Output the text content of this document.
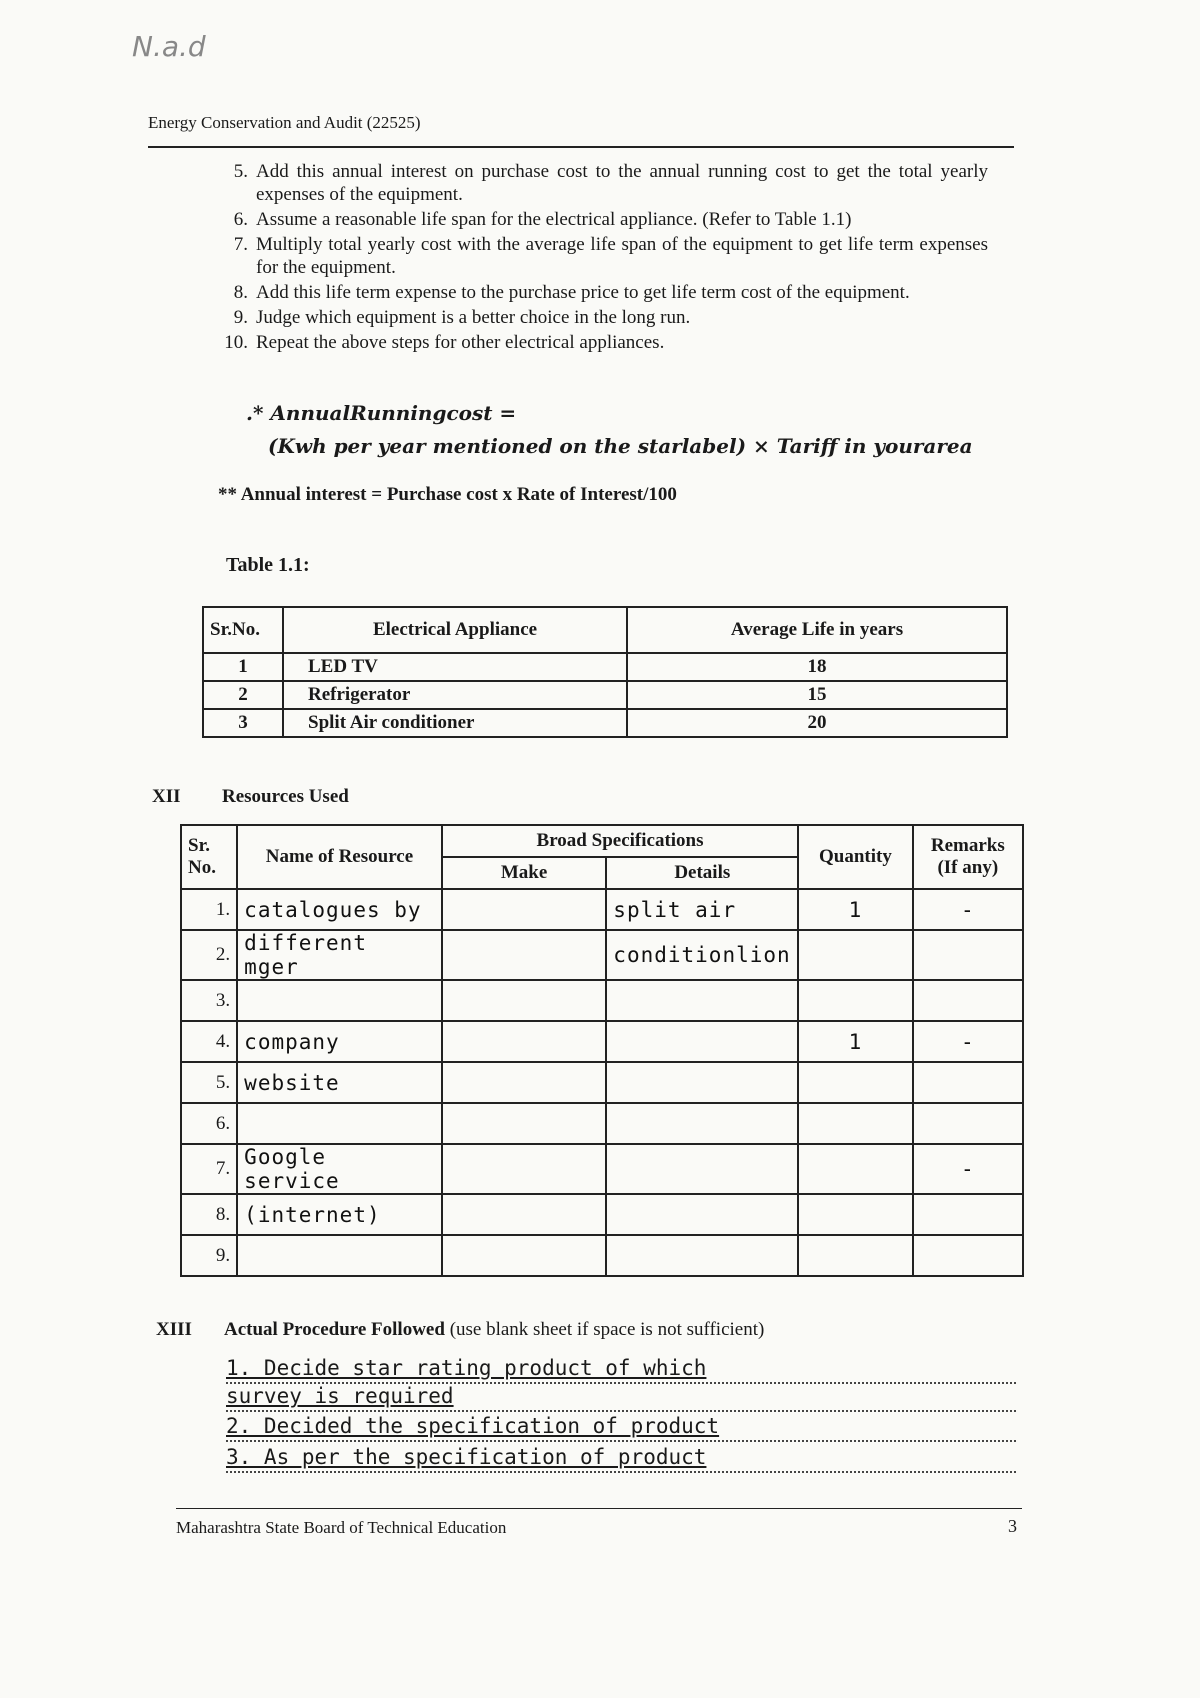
N.a.d
Energy Conservation and Audit (22525)
5. Add this annual interest on purchase cost to the annual running cost to get the total yearly expenses of the equipment.
6. Assume a reasonable life span for the electrical appliance. (Refer to Table 1.1)
7. Multiply total yearly cost with the average life span of the equipment to get life term expenses for the equipment.
8. Add this life term expense to the purchase price to get life term cost of the equipment.
9. Judge which equipment is a better choice in the long run.
10. Repeat the above steps for other electrical appliances.
.* AnnualRunningcost =
(Kwh per year mentioned on the starlabel) × Tariff in yourarea
** Annual interest = Purchase cost x Rate of Interest/100
Table 1.1:
Sr.No.	Electrical Appliance	Average Life in years
1	LED TV	18
2	Refrigerator	15
3	Split Air conditioner	20
XII Resources Used
Sr. No.	Name of Resource	Broad Specifications		Quantity	Remarks (If any)
		Make	Details		
1.	catalogues by		split air	1	-
2.	different mger		conditionlion		
3.					
4.	company			1	-
5.	website				
6.					
7.	Google service				-
8.	(internet)				
9.					
XIII Actual Procedure Followed (use blank sheet if space is not sufficient)
1. Decide star rating product of which
survey is required
2. Decided the specification of product
3. As per the specification of product
Maharashtra State Board of Technical Education	3
